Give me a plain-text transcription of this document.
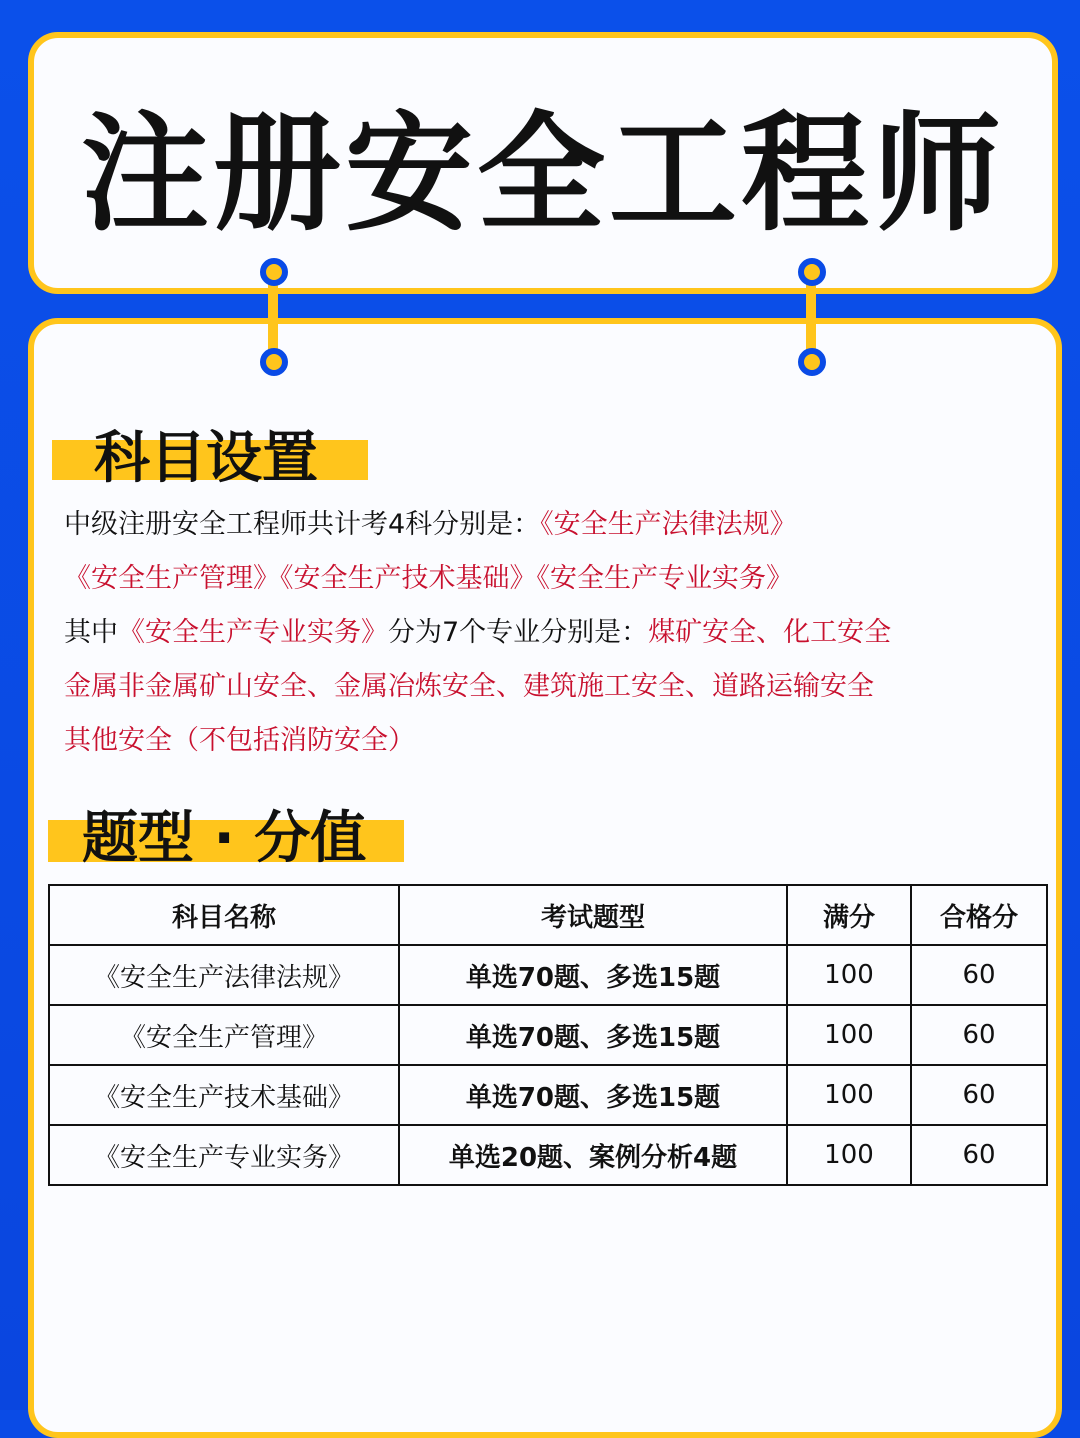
注册安全工程师
科目设置
中级注册安全工程师共计考4科分别是：《安全生产法律法规》
《安全生产管理》《安全生产技术基础》《安全生产专业实务》
其中《安全生产专业实务》分为7个专业分别是：煤矿安全、化工安全
金属非金属矿山安全、金属冶炼安全、建筑施工安全、道路运输安全
其他安全（不包括消防安全）
题型 · 分值
科目名称	考试题型	满分	合格分
《安全生产法律法规》	单选70题、多选15题	100	60
《安全生产管理》	单选70题、多选15题	100	60
《安全生产技术基础》	单选70题、多选15题	100	60
《安全生产专业实务》	单选20题、案例分析4题	100	60
